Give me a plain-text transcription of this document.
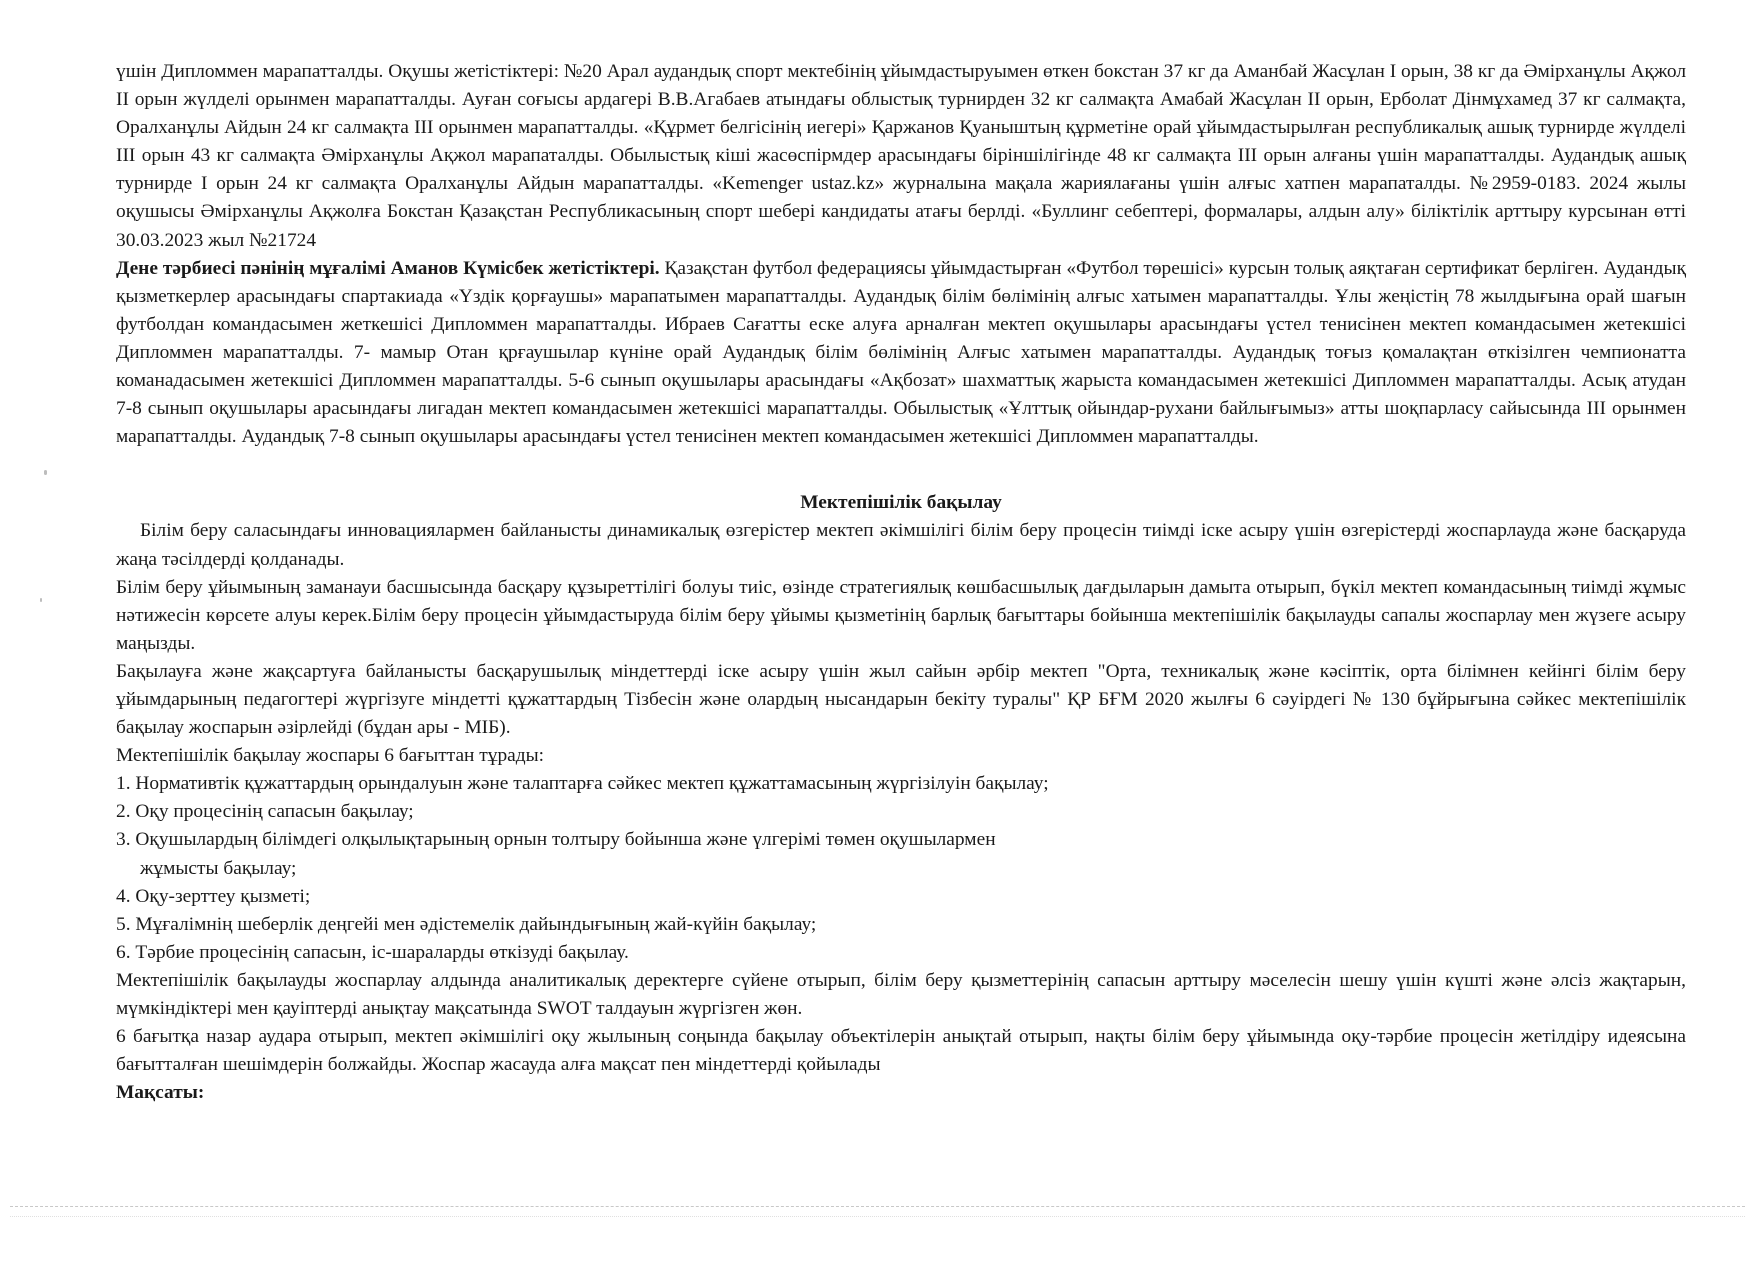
үшін Дипломмен марапатталды. Оқушы жетістіктері: №20 Арал аудандық спорт мектебінің ұйымдастыруымен өткен бокстан 37 кг да Аманбай Жасұлан I орын, 38 кг да Әмірханұлы Ақжол II орын жүлделі орынмен марапатталды. Ауған соғысы ардагері В.В.Агабаев атындағы облыстық турнирден 32 кг салмақта Амабай Жасұлан II орын, Ерболат Дінмұхамед 37 кг салмақта, Оралханұлы Айдын 24 кг салмақта III орынмен марапатталды. «Құрмет белгісінің иегері» Қаржанов Қуаныштың құрметіне орай ұйымдастырылған республикалық ашық турнирде жүлделі III орын 43 кг салмақта Әмірханұлы Ақжол марапаталды. Обылыстық кіші жасөспірмдер арасындағы біріншілігінде 48 кг салмақта III орын алғаны үшін марапатталды. Аудандық ашық турнирде I орын 24 кг салмақта Оралханұлы Айдын марапатталды. «Kemenger ustaz.kz» журналына мақала жариялағаны үшін алғыс хатпен марапаталды. №2959-0183. 2024 жылы оқушысы Әмірханұлы Ақжолға Бокстан Қазақстан Республикасының спорт шебері кандидаты атағы берлді. «Буллинг себептері, формалары, алдын алу» біліктілік арттыру курсынан өтті 30.03.2023 жыл №21724

Дене тәрбиесі пәнінің мұғалімі Аманов Күмісбек жетістіктері. Қазақстан футбол федерациясы ұйымдастырған «Футбол төрешісі» курсын толық аяқтаған сертификат берліген. Аудандық қызметкерлер арасындағы спартакиада «Үздік қорғаушы» марапатымен марапатталды. Аудандық білім бөлімінің алғыс хатымен марапатталды. Ұлы жеңістің 78 жылдығына орай шағын футболдан командасымен жеткешісі Дипломмен марапатталды. Ибраев Сағатты еске алуға арналған мектеп оқушылары арасындағы үстел тенисінен мектеп командасымен жетекшісі Дипломмен марапатталды. 7- мамыр Отан қрғаушылар күніне орай Аудандық білім бөлімінің Алғыс хатымен марапатталды. Аудандық тоғыз қомалақтан өткізілген чемпионатта команадасымен жетекшісі Дипломмен марапатталды. 5-6 сынып оқушылары арасындағы «Ақбозат» шахматтық жарыста командасымен жетекшісі Дипломмен марапатталды. Асық атудан 7-8 сынып оқушылары арасындағы лигадан мектеп командасымен жетекшісі марапатталды. Обылыстық «Ұлттық ойындар-рухани байлығымыз» атты шоқпарласу сайысында III орынмен марапатталды. Аудандық 7-8 сынып оқушылары арасындағы үстел тенисінен мектеп командасымен жетекшісі Дипломмен марапатталды.

Мектепішілік бақылау

Білім беру саласындағы инновациялармен байланысты динамикалық өзгерістер мектеп әкімшілігі білім беру процесін тиімді іске асыру үшін өзгерістерді жоспарлауда және басқаруда жаңа тәсілдерді қолданады.

Білім беру ұйымының заманауи басшысында басқару құзыреттілігі болуы тиіс, өзінде стратегиялық көшбасшылық дағдыларын дамыта отырып, бүкіл мектеп командасының тиімді жұмыс нәтижесін көрсете алуы керек.Білім беру процесін ұйымдастыруда білім беру ұйымы қызметінің барлық бағыттары бойынша мектепішілік бақылауды сапалы жоспарлау мен жүзеге асыру маңызды.

Бақылауға және жақсартуға байланысты басқарушылық міндеттерді іске асыру үшін жыл сайын әрбір мектеп "Орта, техникалық және кәсіптік, орта білімнен кейінгі білім беру ұйымдарының педагогтері жүргізуге міндетті құжаттардың Тізбесін және олардың нысандарын бекіту туралы" ҚР БҒМ 2020 жылғы 6 сәуірдегі № 130 бұйрығына сәйкес мектепішілік бақылау жоспарын әзірлейді (бұдан ары - МІБ).

Мектепішілік бақылау жоспары 6 бағыттан тұрады:

1. Нормативтік құжаттардың орындалуын және талаптарға сәйкес мектеп құжаттамасының жүргізілуін бақылау;
2. Оқу процесінің сапасын бақылау;
3. Оқушылардың білімдегі олқылықтарының орнын толтыру бойынша және үлгерімі төмен оқушылармен
жұмысты бақылау;
4. Оқу-зерттеу қызметі;
5. Мұғалімнің шеберлік деңгейі мен әдістемелік дайындығының жай-күйін бақылау;
6. Тәрбие процесінің сапасын, іс-шараларды өткізуді бақылау.

Мектепішілік бақылауды жоспарлау алдында аналитикалық деректерге сүйене отырып, білім беру қызметтерінің сапасын арттыру мәселесін шешу үшін күшті және әлсіз жақтарын, мүмкіндіктері мен қауіптерді анықтау мақсатында SWOT талдауын жүргізген жөн.

6 бағытқа назар аудара отырып, мектеп әкімшілігі оқу жылының соңында бақылау объектілерін анықтай отырып, нақты білім беру ұйымында оқу-тәрбие процесін жетілдіру идеясына бағытталған шешімдерін болжайды. Жоспар жасауда алға мақсат пен міндеттерді қойылады

Мақсаты:
